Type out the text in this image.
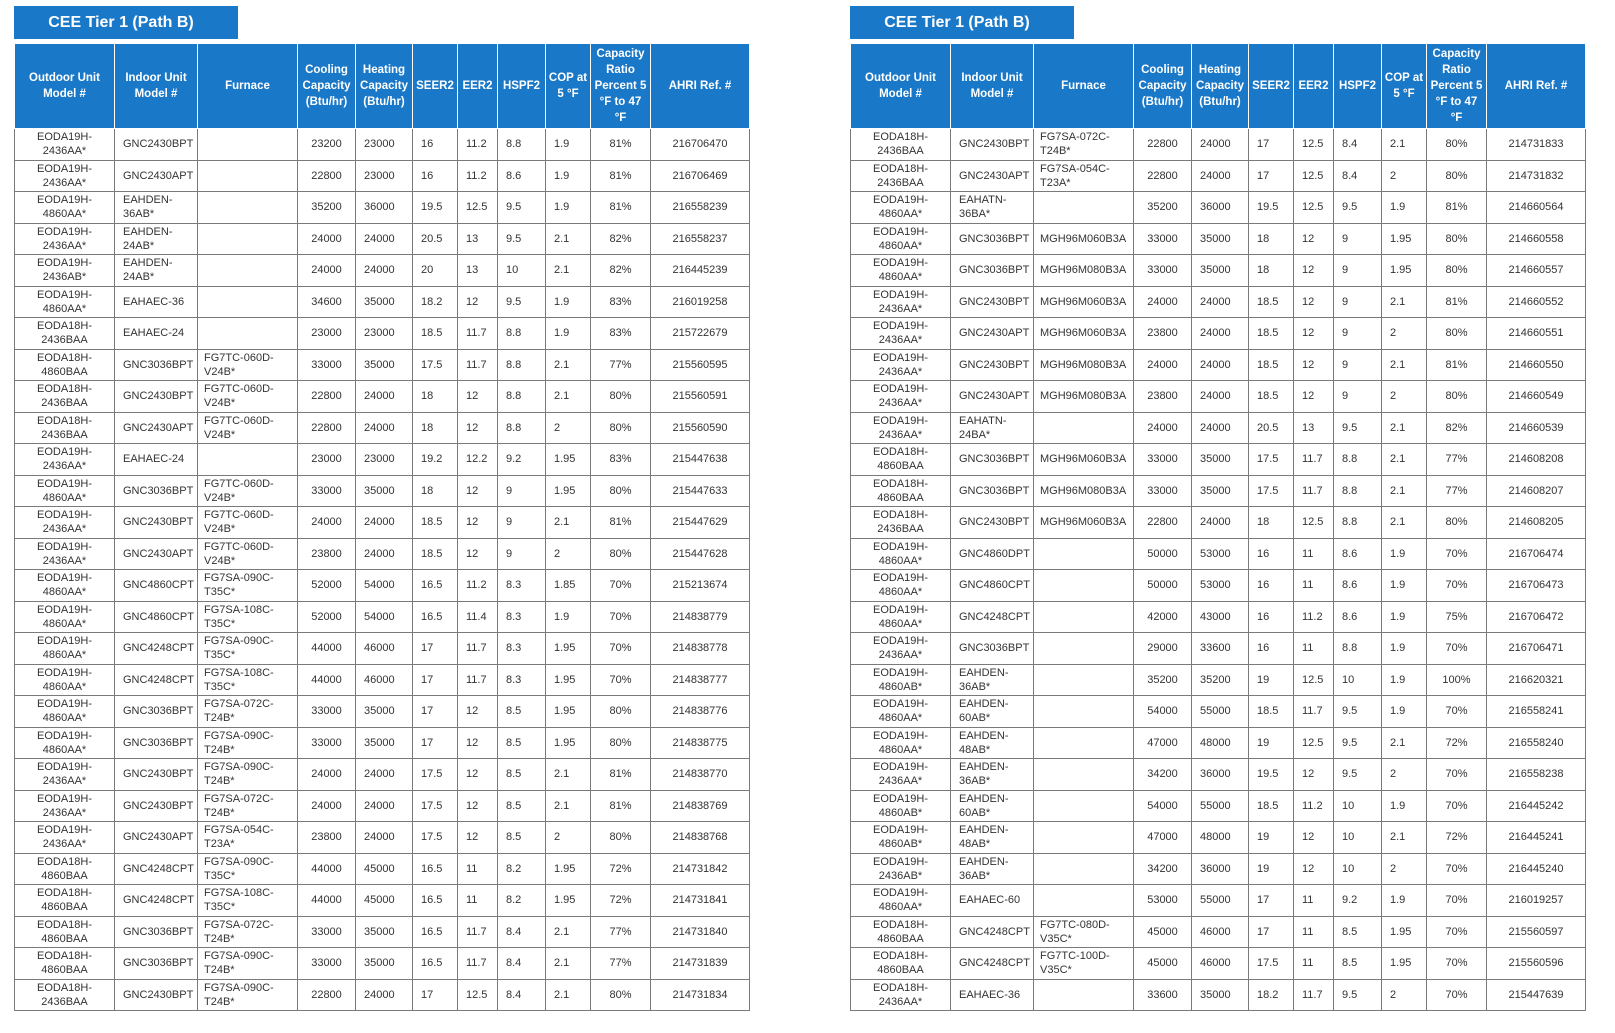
CEE Tier 1 (Path B)
Outdoor Unit Model #	Indoor Unit Model #	Furnace	Cooling Capacity (Btu/hr)	Heating Capacity (Btu/hr)	SEER2	EER2	HSPF2	COP at 5 °F	Capacity Ratio Percent 5 °F to 47 °F	AHRI Ref. #
EODA19H-2436AA*	GNC2430BPT		23200	23000	16	11.2	8.8	1.9	81%	216706470
EODA19H-2436AA*	GNC2430APT		22800	23000	16	11.2	8.6	1.9	81%	216706469
EODA19H-4860AA*	EAHDEN-36AB*		35200	36000	19.5	12.5	9.5	1.9	81%	216558239
EODA19H-2436AA*	EAHDEN-24AB*		24000	24000	20.5	13	9.5	2.1	82%	216558237
EODA19H-2436AB*	EAHDEN-24AB*		24000	24000	20	13	10	2.1	82%	216445239
EODA19H-4860AA*	EAHAEC-36		34600	35000	18.2	12	9.5	1.9	83%	216019258
EODA18H-2436BAA	EAHAEC-24		23000	23000	18.5	11.7	8.8	1.9	83%	215722679
EODA18H-4860BAA	GNC3036BPT	FG7TC-060D-V24B*	33000	35000	17.5	11.7	8.8	2.1	77%	215560595
EODA18H-2436BAA	GNC2430BPT	FG7TC-060D-V24B*	22800	24000	18	12	8.8	2.1	80%	215560591
EODA18H-2436BAA	GNC2430APT	FG7TC-060D-V24B*	22800	24000	18	12	8.8	2	80%	215560590
EODA19H-2436AA*	EAHAEC-24		23000	23000	19.2	12.2	9.2	1.95	83%	215447638
EODA19H-4860AA*	GNC3036BPT	FG7TC-060D-V24B*	33000	35000	18	12	9	1.95	80%	215447633
EODA19H-2436AA*	GNC2430BPT	FG7TC-060D-V24B*	24000	24000	18.5	12	9	2.1	81%	215447629
EODA19H-2436AA*	GNC2430APT	FG7TC-060D-V24B*	23800	24000	18.5	12	9	2	80%	215447628
EODA19H-4860AA*	GNC4860CPT	FG7SA-090C-T35C*	52000	54000	16.5	11.2	8.3	1.85	70%	215213674
EODA19H-4860AA*	GNC4860CPT	FG7SA-108C-T35C*	52000	54000	16.5	11.4	8.3	1.9	70%	214838779
EODA19H-4860AA*	GNC4248CPT	FG7SA-090C-T35C*	44000	46000	17	11.7	8.3	1.95	70%	214838778
EODA19H-4860AA*	GNC4248CPT	FG7SA-108C-T35C*	44000	46000	17	11.7	8.3	1.95	70%	214838777
EODA19H-4860AA*	GNC3036BPT	FG7SA-072C-T24B*	33000	35000	17	12	8.5	1.95	80%	214838776
EODA19H-4860AA*	GNC3036BPT	FG7SA-090C-T24B*	33000	35000	17	12	8.5	1.95	80%	214838775
EODA19H-2436AA*	GNC2430BPT	FG7SA-090C-T24B*	24000	24000	17.5	12	8.5	2.1	81%	214838770
EODA19H-2436AA*	GNC2430BPT	FG7SA-072C-T24B*	24000	24000	17.5	12	8.5	2.1	81%	214838769
EODA19H-2436AA*	GNC2430APT	FG7SA-054C-T23A*	23800	24000	17.5	12	8.5	2	80%	214838768
EODA18H-4860BAA	GNC4248CPT	FG7SA-090C-T35C*	44000	45000	16.5	11	8.2	1.95	72%	214731842
EODA18H-4860BAA	GNC4248CPT	FG7SA-108C-T35C*	44000	45000	16.5	11	8.2	1.95	72%	214731841
EODA18H-4860BAA	GNC3036BPT	FG7SA-072C-T24B*	33000	35000	16.5	11.7	8.4	2.1	77%	214731840
EODA18H-4860BAA	GNC3036BPT	FG7SA-090C-T24B*	33000	35000	16.5	11.7	8.4	2.1	77%	214731839
EODA18H-2436BAA	GNC2430BPT	FG7SA-090C-T24B*	22800	24000	17	12.5	8.4	2.1	80%	214731834
CEE Tier 1 (Path B)
Outdoor Unit Model #	Indoor Unit Model #	Furnace	Cooling Capacity (Btu/hr)	Heating Capacity (Btu/hr)	SEER2	EER2	HSPF2	COP at 5 °F	Capacity Ratio Percent 5 °F to 47 °F	AHRI Ref. #
EODA18H-2436BAA	GNC2430BPT	FG7SA-072C-T24B*	22800	24000	17	12.5	8.4	2.1	80%	214731833
EODA18H-2436BAA	GNC2430APT	FG7SA-054C-T23A*	22800	24000	17	12.5	8.4	2	80%	214731832
EODA19H-4860AA*	EAHATN-36BA*		35200	36000	19.5	12.5	9.5	1.9	81%	214660564
EODA19H-4860AA*	GNC3036BPT	MGH96M060B3A	33000	35000	18	12	9	1.95	80%	214660558
EODA19H-4860AA*	GNC3036BPT	MGH96M080B3A	33000	35000	18	12	9	1.95	80%	214660557
EODA19H-2436AA*	GNC2430BPT	MGH96M060B3A	24000	24000	18.5	12	9	2.1	81%	214660552
EODA19H-2436AA*	GNC2430APT	MGH96M060B3A	23800	24000	18.5	12	9	2	80%	214660551
EODA19H-2436AA*	GNC2430BPT	MGH96M080B3A	24000	24000	18.5	12	9	2.1	81%	214660550
EODA19H-2436AA*	GNC2430APT	MGH96M080B3A	23800	24000	18.5	12	9	2	80%	214660549
EODA19H-2436AA*	EAHATN-24BA*		24000	24000	20.5	13	9.5	2.1	82%	214660539
EODA18H-4860BAA	GNC3036BPT	MGH96M060B3A	33000	35000	17.5	11.7	8.8	2.1	77%	214608208
EODA18H-4860BAA	GNC3036BPT	MGH96M080B3A	33000	35000	17.5	11.7	8.8	2.1	77%	214608207
EODA18H-2436BAA	GNC2430BPT	MGH96M060B3A	22800	24000	18	12.5	8.8	2.1	80%	214608205
EODA19H-4860AA*	GNC4860DPT		50000	53000	16	11	8.6	1.9	70%	216706474
EODA19H-4860AA*	GNC4860CPT		50000	53000	16	11	8.6	1.9	70%	216706473
EODA19H-4860AA*	GNC4248CPT		42000	43000	16	11.2	8.6	1.9	75%	216706472
EODA19H-2436AA*	GNC3036BPT		29000	33600	16	11	8.8	1.9	70%	216706471
EODA19H-4860AB*	EAHDEN-36AB*		35200	35200	19	12.5	10	1.9	100%	216620321
EODA19H-4860AA*	EAHDEN-60AB*		54000	55000	18.5	11.7	9.5	1.9	70%	216558241
EODA19H-4860AA*	EAHDEN-48AB*		47000	48000	19	12.5	9.5	2.1	72%	216558240
EODA19H-2436AA*	EAHDEN-36AB*		34200	36000	19.5	12	9.5	2	70%	216558238
EODA19H-4860AB*	EAHDEN-60AB*		54000	55000	18.5	11.2	10	1.9	70%	216445242
EODA19H-4860AB*	EAHDEN-48AB*		47000	48000	19	12	10	2.1	72%	216445241
EODA19H-2436AB*	EAHDEN-36AB*		34200	36000	19	12	10	2	70%	216445240
EODA19H-4860AA*	EAHAEC-60		53000	55000	17	11	9.2	1.9	70%	216019257
EODA18H-4860BAA	GNC4248CPT	FG7TC-080D-V35C*	45000	46000	17	11	8.5	1.95	70%	215560597
EODA18H-4860BAA	GNC4248CPT	FG7TC-100D-V35C*	45000	46000	17.5	11	8.5	1.95	70%	215560596
EODA18H-2436AA*	EAHAEC-36		33600	35000	18.2	11.7	9.5	2	70%	215447639
